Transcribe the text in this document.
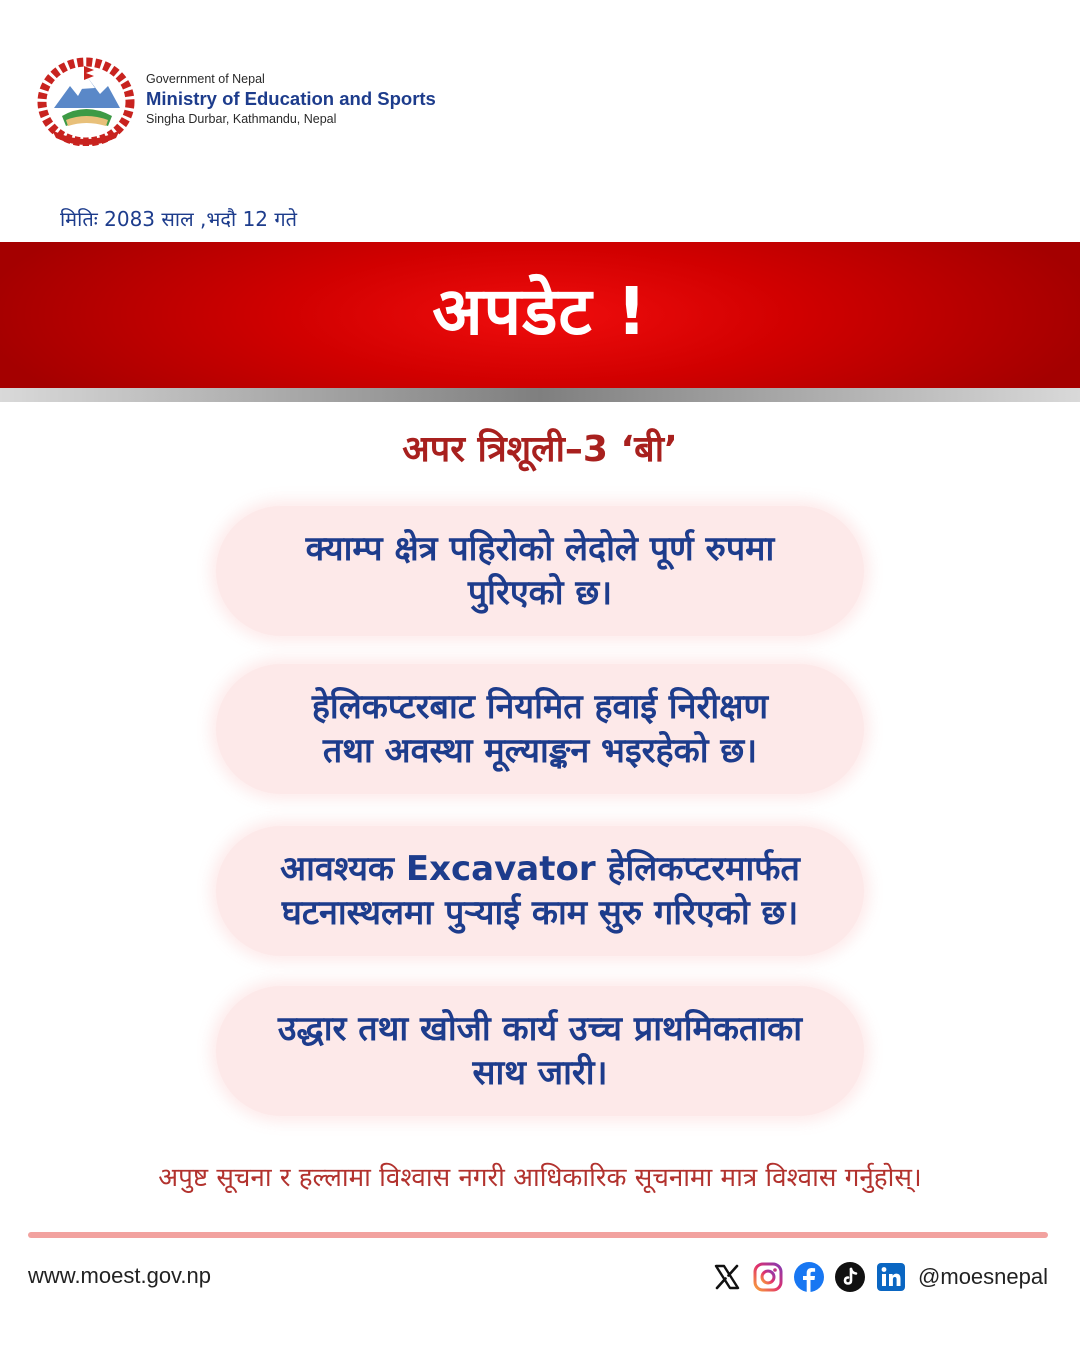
Government of Nepal
Ministry of Education and Sports
Singha Durbar, Kathmandu, Nepal
मितिः 2083 साल ,भदौ 12 गते
अपडेट !
अपर त्रिशूली–3 ‘बी’
क्याम्प क्षेत्र पहिरोको लेदोले पूर्ण रुपमा
पुरिएको छ।
हेलिकप्टरबाट नियमित हवाई निरीक्षण
तथा अवस्था मूल्याङ्कन भइरहेको छ।
आवश्यक Excavator हेलिकप्टरमार्फत
घटनास्थलमा पुर्‍याई काम सुरु गरिएको छ।
उद्धार तथा खोजी कार्य उच्च प्राथमिकताका
साथ जारी।
अपुष्ट सूचना र हल्लामा विश्वास नगरी आधिकारिक सूचनामा मात्र विश्वास गर्नुहोस्।
www.moest.gov.np	@moesnepal
